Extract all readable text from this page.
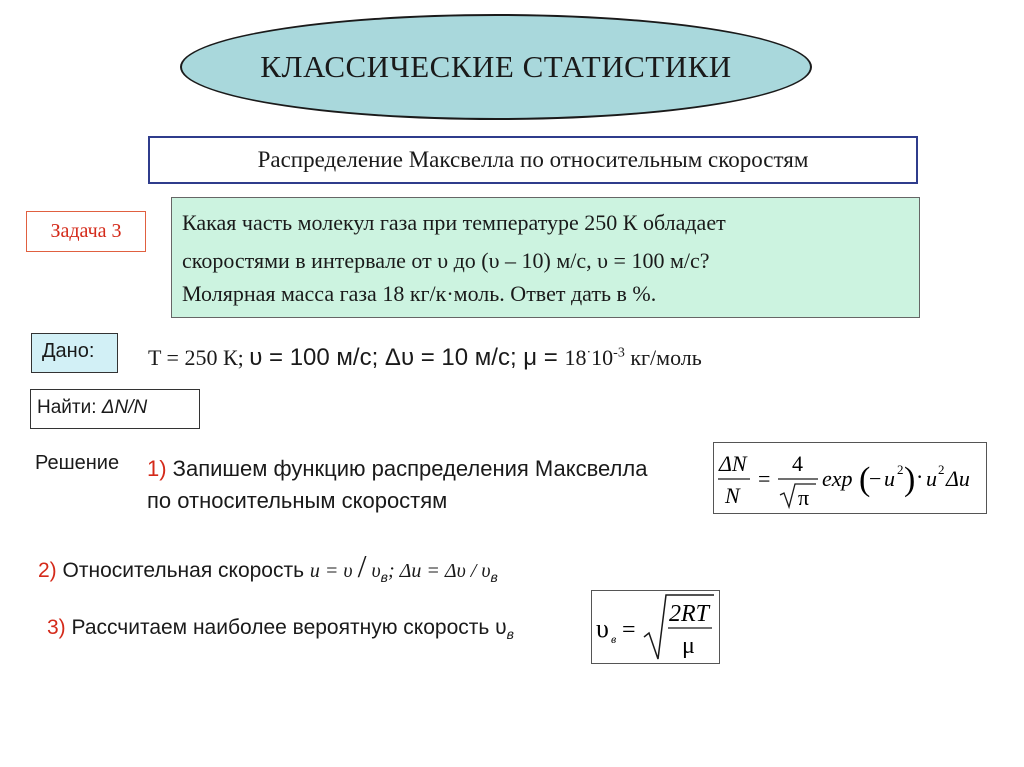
КЛАССИЧЕСКИЕ СТАТИСТИКИ
Распределение Максвелла по относительным скоростям
Задача 3	Какая часть молекул газа при температуре 250 К обладает
скоростями в интервале от υ до (υ – 10) м/с, υ = 100 м/с?
Молярная масса газа 18 кг/к·моль. Ответ дать в %.
Дано:	T = 250 К; υ = 100 м/с; Δυ = 10 м/с; $\mu = 18^\cdot 10^{-3}$ кг/моль
Найти: ΔN/N
Решение 1) Запишем функцию распределения Максвелла
по относительным скоростям
ΔN
N
=
4
π
exp (
− u 2 ) · u 2 Δu
2) Относительная скорость $u = \upsilon / \upsilon_в$; $\Delta u = \Delta\upsilon / \upsilon_в$
3) Рассчитаем наиболее вероятную скорость $\upsilon_в$	υ в =
2RT
μ
